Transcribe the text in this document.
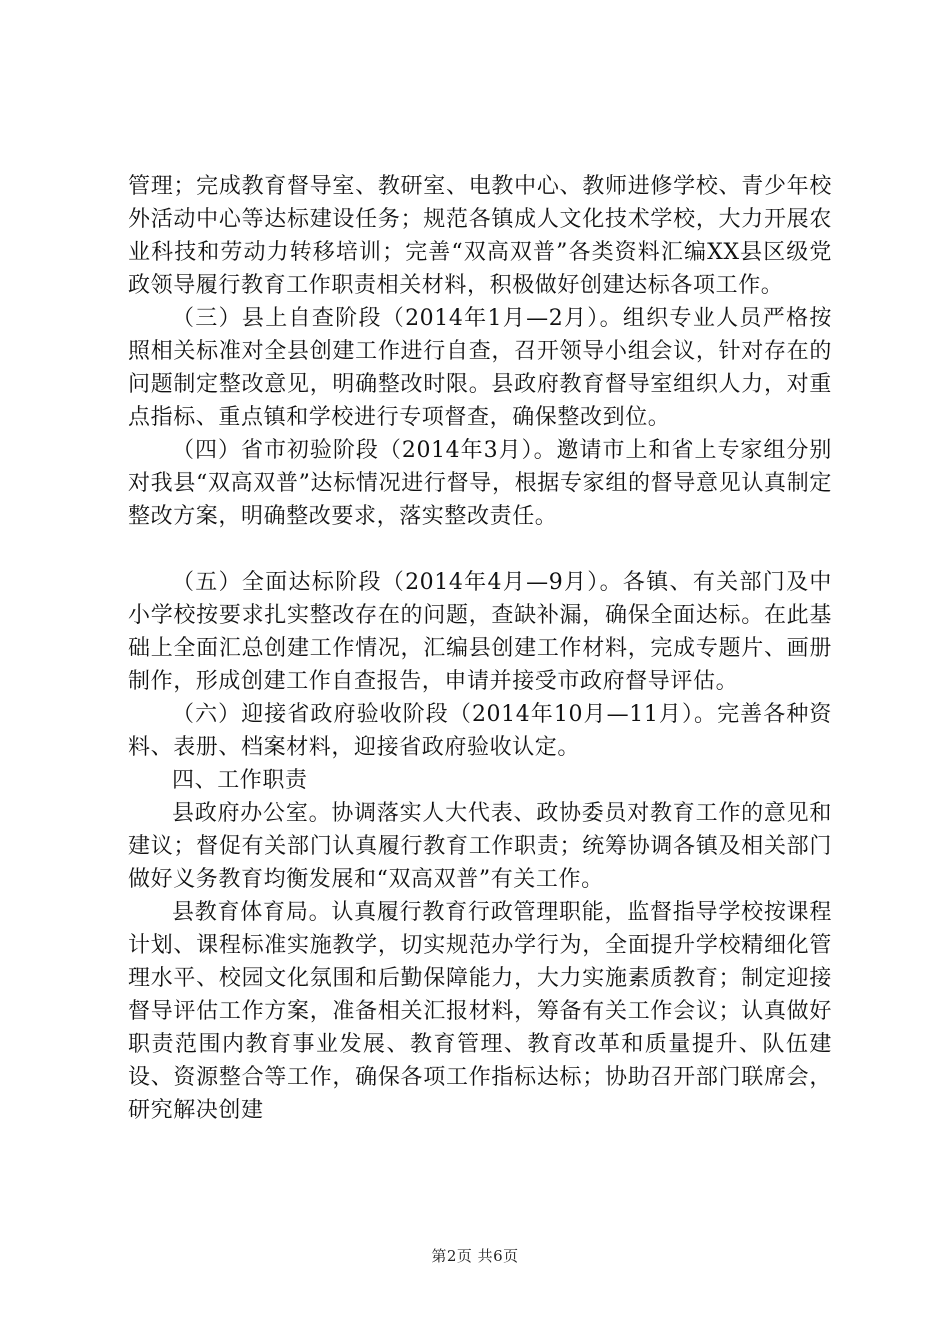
管理；完成教育督导室、教研室、电教中心、教师进修学校、青少年校外活动中心等达标建设任务；规范各镇成人文化技术学校，大力开展农业科技和劳动力转移培训；完善“双高双普”各类资料汇编XX县区级党政领导履行教育工作职责相关材料，积极做好创建达标各项工作。

（三）县上自查阶段（2014年1月—2月）。组织专业人员严格按照相关标准对全县创建工作进行自查，召开领导小组会议，针对存在的问题制定整改意见，明确整改时限。县政府教育督导室组织人力，对重点指标、重点镇和学校进行专项督查，确保整改到位。

（四）省市初验阶段（2014年3月）。邀请市上和省上专家组分别对我县“双高双普”达标情况进行督导，根据专家组的督导意见认真制定整改方案，明确整改要求，落实整改责任。

（五）全面达标阶段（2014年4月—9月）。各镇、有关部门及中小学校按要求扎实整改存在的问题，查缺补漏，确保全面达标。在此基础上全面汇总创建工作情况，汇编县创建工作材料，完成专题片、画册制作，形成创建工作自查报告，申请并接受市政府督导评估。

（六）迎接省政府验收阶段（2014年10月—11月）。完善各种资料、表册、档案材料，迎接省政府验收认定。

四、工作职责

县政府办公室。协调落实人大代表、政协委员对教育工作的意见和建议；督促有关部门认真履行教育工作职责；统筹协调各镇及相关部门做好义务教育均衡发展和“双高双普”有关工作。

县教育体育局。认真履行教育行政管理职能，监督指导学校按课程计划、课程标准实施教学，切实规范办学行为，全面提升学校精细化管理水平、校园文化氛围和后勤保障能力，大力实施素质教育；制定迎接督导评估工作方案，准备相关汇报材料，筹备有关工作会议；认真做好职责范围内教育事业发展、教育管理、教育改革和质量提升、队伍建设、资源整合等工作，确保各项工作指标达标；协助召开部门联席会，研究解决创建

第2页 共6页
